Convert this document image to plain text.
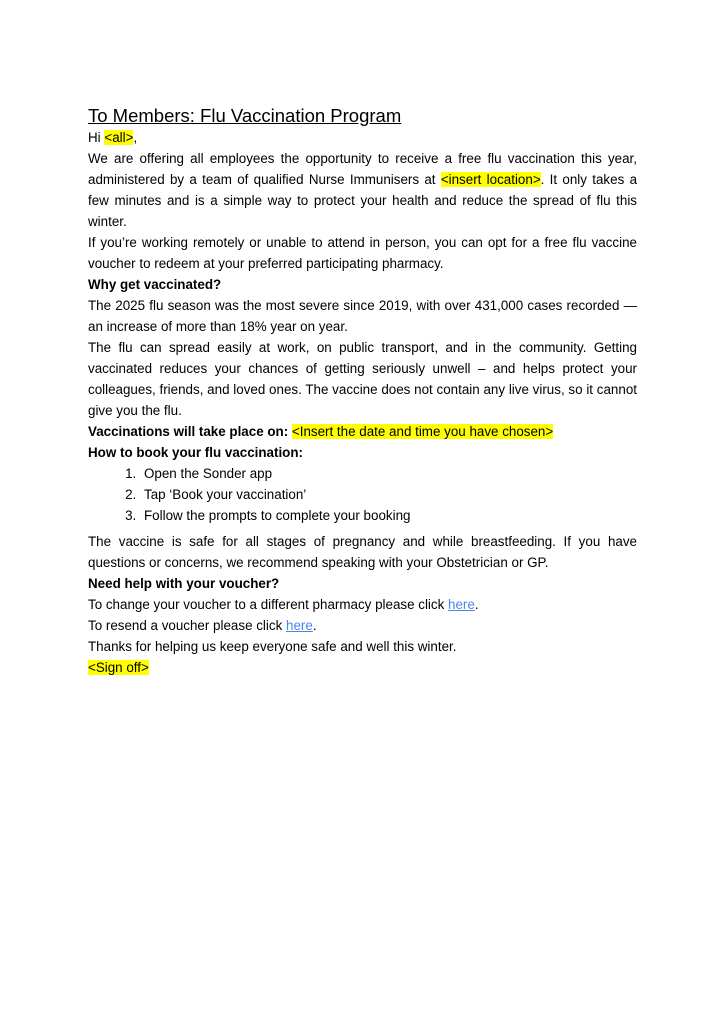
To Members: Flu Vaccination Program

Hi <all>,

We are offering all employees the opportunity to receive a free flu vaccination this year, administered by a team of qualified Nurse Immunisers at <insert location>. It only takes a few minutes and is a simple way to protect your health and reduce the spread of flu this winter.

If you’re working remotely or unable to attend in person, you can opt for a free flu vaccine voucher to redeem at your preferred participating pharmacy.

Why get vaccinated?
The 2025 flu season was the most severe since 2019, with over 431,000 cases recorded — an increase of more than 18% year on year.

The flu can spread easily at work, on public transport, and in the community. Getting vaccinated reduces your chances of getting seriously unwell – and helps protect your colleagues, friends, and loved ones. The vaccine does not contain any live virus, so it cannot give you the flu.

Vaccinations will take place on: <Insert the date and time you have chosen>

How to book your flu vaccination:

1. Open the Sonder app
2. Tap ‘Book your vaccination’
3. Follow the prompts to complete your booking

The vaccine is safe for all stages of pregnancy and while breastfeeding. If you have questions or concerns, we recommend speaking with your Obstetrician or GP.

Need help with your voucher?

To change your voucher to a different pharmacy please click here.

To resend a voucher please click here.

Thanks for helping us keep everyone safe and well this winter.

<Sign off>
